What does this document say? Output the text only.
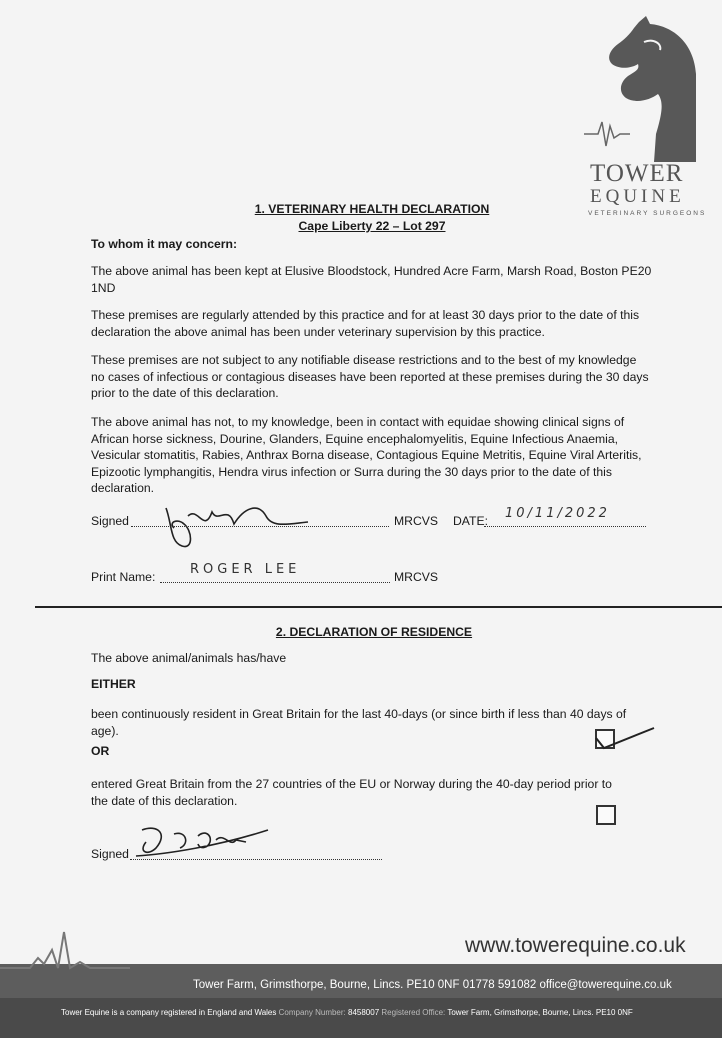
TOWER
EQUINE
VETERINARY SURGEONS
1. VETERINARY HEALTH DECLARATION
Cape Liberty 22 – Lot 297
To whom it may concern:
The above animal has been kept at Elusive Bloodstock, Hundred Acre Farm, Marsh Road, Boston PE20
1ND
These premises are regularly attended by this practice and for at least 30 days prior to the date of this
declaration the above animal has been under veterinary supervision by this practice.
These premises are not subject to any notifiable disease restrictions and to the best of my knowledge
no cases of infectious or contagious diseases have been reported at these premises during the 30 days
prior to the date of this declaration.
The above animal has not, to my knowledge, been in contact with equidae showing clinical signs of
African horse sickness, Dourine, Glanders, Equine encephalomyelitis, Equine Infectious Anaemia,
Vesicular stomatitis, Rabies, Anthrax Borna disease, Contagious Equine Metritis, Equine Viral Arteritis,
Epizootic lymphangitis, Hendra virus infection or Surra during the 30 days prior to the date of this
declaration.
Signed	MRCVS DATE: 10/11/2022
Print Name:	ROGER LEE	MRCVS
2. DECLARATION OF RESIDENCE
The above animal/animals has/have
EITHER
been continuously resident in Great Britain for the last 40-days (or since birth if less than 40 days of
age).
OR
entered Great Britain from the 27 countries of the EU or Norway during the 40-day period prior to
the date of this declaration.
Signed
www.towerequine.co.uk
Tower Farm, Grimsthorpe, Bourne, Lincs. PE10 0NF 01778 591082 office@towerequine.co.uk
Tower Equine is a company registered in England and Wales Company Number: 8458007 Registered Office: Tower Farm, Grimsthorpe, Bourne, Lincs. PE10 0NF
